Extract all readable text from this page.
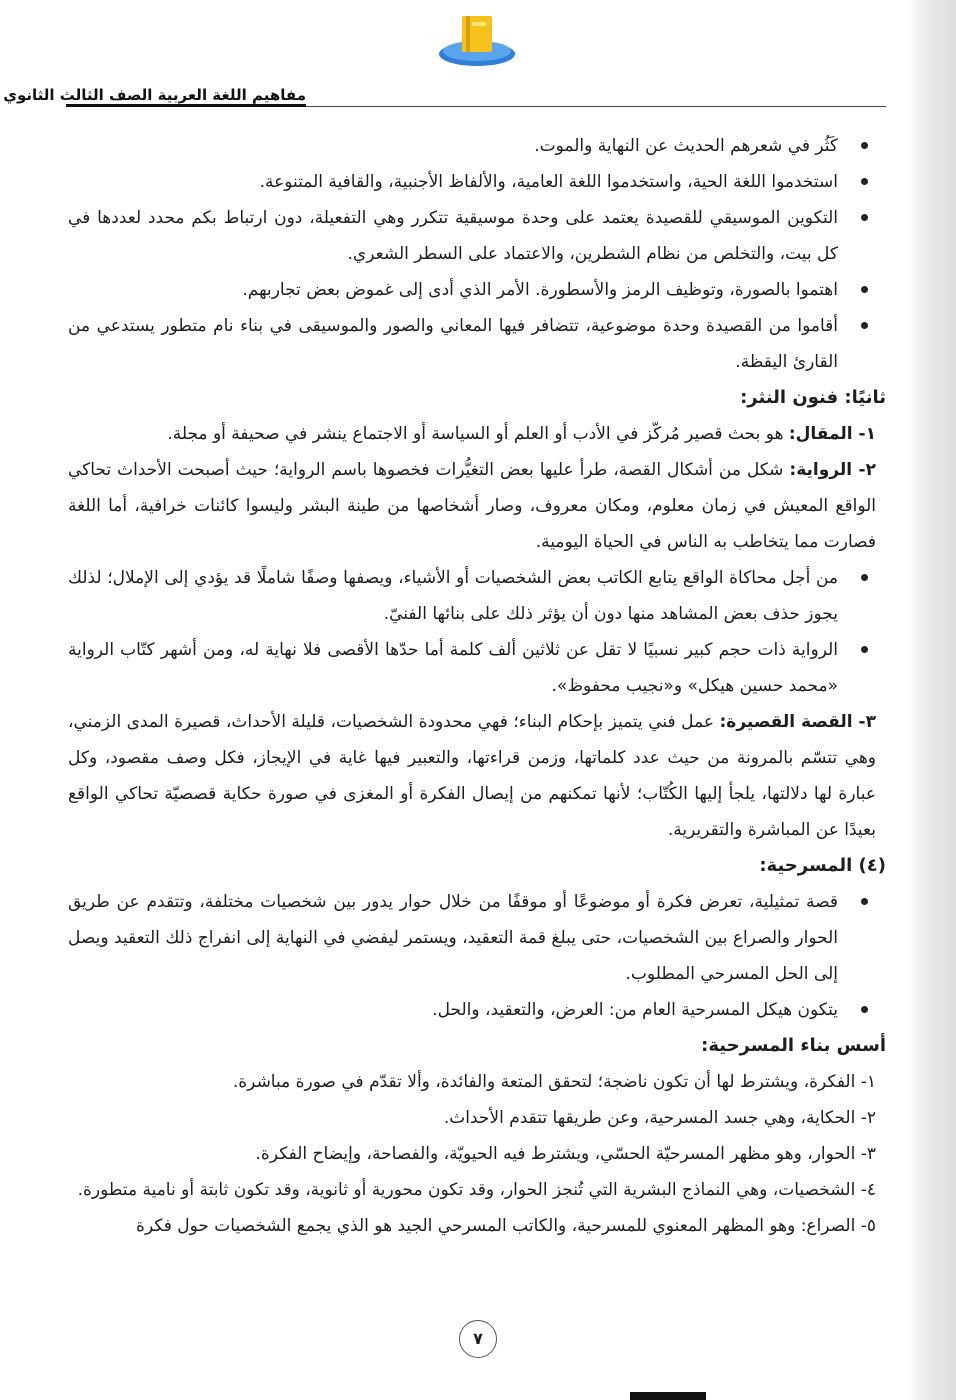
مفاهيم اللغة العربية الصف الثالث الثانوي

كَثُر في شعرهم الحديث عن النهاية والموت.

استخدموا اللغة الحية، واستخدموا اللغة العامية، والألفاظ الأجنبية، والقافية المتنوعة.

التكوين الموسيقي للقصيدة يعتمد على وحدة موسيقية تتكرر وهي التفعيلة، دون ارتباط بكم محدد لعددها في كل بيت، والتخلص من نظام الشطرين، والاعتماد على السطر الشعري.

اهتموا بالصورة، وتوظيف الرمز والأسطورة. الأمر الذي أدى إلى غموض بعض تجاربهم.

أقاموا من القصيدة وحدة موضوعية، تتضافر فيها المعاني والصور والموسيقى في بناء نام متطور يستدعي من القارئ اليقظة.

ثانيًا: فنون النثر:

١- المقال: هو بحث قصير مُركّز في الأدب أو العلم أو السياسة أو الاجتماع ينشر في صحيفة أو مجلة.

٢- الرواية: شكل من أشكال القصة، طرأ عليها بعض التغيُّرات فخصوها باسم الرواية؛ حيث أصبحت الأحداث تحاكي الواقع المعيش في زمان معلوم، ومكان معروف، وصار أشخاصها من طينة البشر وليسوا كائنات خرافية، أما اللغة فصارت مما يتخاطب به الناس في الحياة اليومية.

من أجل محاكاة الواقع يتابع الكاتب بعض الشخصيات أو الأشياء، ويصفها وصفًا شاملًا قد يؤدي إلى الإملال؛ لذلك يجوز حذف بعض المشاهد منها دون أن يؤثر ذلك على بنائها الفنيّ.

الرواية ذات حجم كبير نسبيًا لا تقل عن ثلاثين ألف كلمة أما حدّها الأقصى فلا نهاية له، ومن أشهر كتّاب الرواية «محمد حسين هيكل» و«نجيب محفوظ».

٣- القصة القصيرة: عمل فني يتميز بإحكام البناء؛ فهي محدودة الشخصيات، قليلة الأحداث، قصيرة المدى الزمني، وهي تتسّم بالمرونة من حيث عدد كلماتها، وزمن قراءتها، والتعبير فيها غاية في الإيجاز، فكل وصف مقصود، وكل عبارة لها دلالتها، يلجأ إليها الكُتّاب؛ لأنها تمكنهم من إيصال الفكرة أو المغزى في صورة حكاية قصصيّة تحاكي الواقع بعيدًا عن المباشرة والتقريرية.

(٤) المسرحية:

قصة تمثيلية، تعرض فكرة أو موضوعًا أو موقفًا من خلال حوار يدور بين شخصيات مختلفة، وتتقدم عن طريق الحوار والصراع بين الشخصيات، حتى يبلغ قمة التعقيد، ويستمر ليفضي في النهاية إلى انفراج ذلك التعقيد ويصل إلى الحل المسرحي المطلوب.

يتكون هيكل المسرحية العام من: العرض، والتعقيد، والحل.

أسس بناء المسرحية:

١- الفكرة، ويشترط لها أن تكون ناضجة؛ لتحقق المتعة والفائدة، وألا تقدّم في صورة مباشرة.

٢- الحكاية، وهي جسد المسرحية، وعن طريقها تتقدم الأحداث.

٣- الحوار، وهو مظهر المسرحيّة الحسّي، ويشترط فيه الحيويّة، والفصاحة، وإيضاح الفكرة.

٤- الشخصيات، وهي النماذج البشرية التي تُنجز الحوار، وقد تكون محورية أو ثانوية، وقد تكون ثابتة أو نامية متطورة.

٥- الصراع: وهو المظهر المعنوي للمسرحية، والكاتب المسرحي الجيد هو الذي يجمع الشخصيات حول فكرة

٧
